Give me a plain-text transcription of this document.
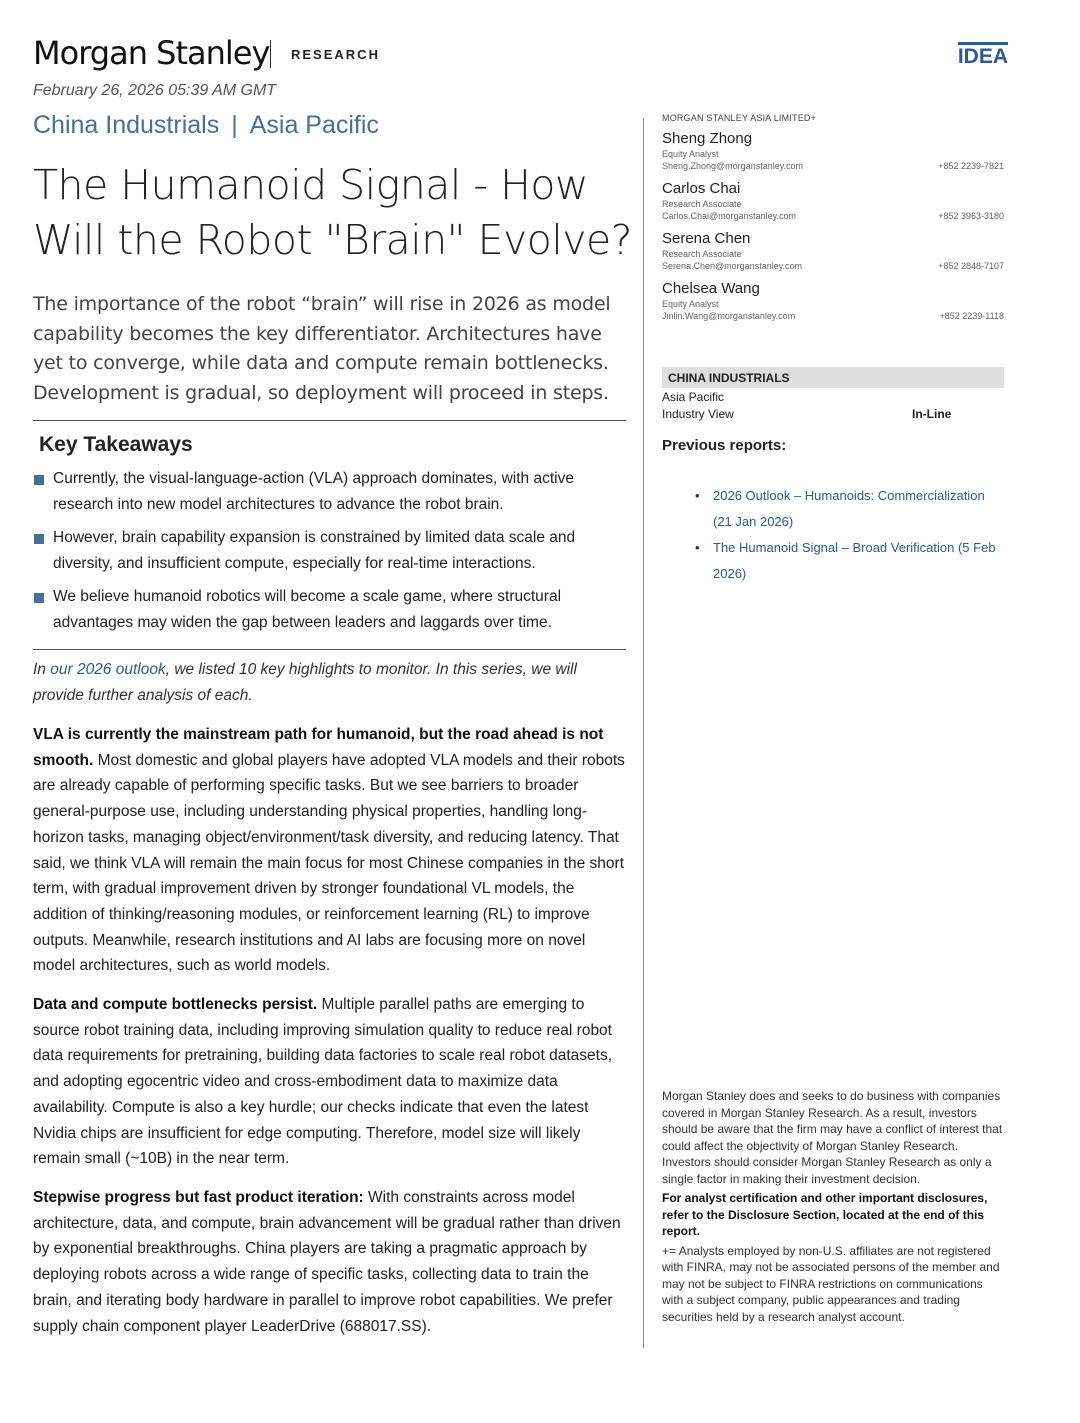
Morgan Stanley RESEARCH	IDEA
February 26, 2026 05:39 AM GMT
China Industrials | Asia Pacific
The Humanoid Signal - How Will the Robot "Brain" Evolve?

The importance of the robot “brain” will rise in 2026 as model capability becomes the key differentiator. Architectures have yet to converge, while data and compute remain bottlenecks. Development is gradual, so deployment will proceed in steps.

Key Takeaways
Currently, the visual-language-action (VLA) approach dominates, with active research into new model architectures to advance the robot brain.
However, brain capability expansion is constrained by limited data scale and diversity, and insufficient compute, especially for real-time interactions.
We believe humanoid robotics will become a scale game, where structural advantages may widen the gap between leaders and laggards over time.

In our 2026 outlook, we listed 10 key highlights to monitor. In this series, we will provide further analysis of each.

VLA is currently the mainstream path for humanoid, but the road ahead is not smooth. Most domestic and global players have adopted VLA models and their robots are already capable of performing specific tasks. But we see barriers to broader general-purpose use, including understanding physical properties, handling long-horizon tasks, managing object/environment/task diversity, and reducing latency. That said, we think VLA will remain the main focus for most Chinese companies in the short term, with gradual improvement driven by stronger foundational VL models, the addition of thinking/reasoning modules, or reinforcement learning (RL) to improve outputs. Meanwhile, research institutions and AI labs are focusing more on novel model architectures, such as world models.

Data and compute bottlenecks persist. Multiple parallel paths are emerging to source robot training data, including improving simulation quality to reduce real robot data requirements for pretraining, building data factories to scale real robot datasets, and adopting egocentric video and cross-embodiment data to maximize data availability. Compute is also a key hurdle; our checks indicate that even the latest Nvidia chips are insufficient for edge computing. Therefore, model size will likely remain small (~10B) in the near term.

Stepwise progress but fast product iteration: With constraints across model architecture, data, and compute, brain advancement will be gradual rather than driven by exponential breakthroughs. China players are taking a pragmatic approach by deploying robots across a wide range of specific tasks, collecting data to train the brain, and iterating body hardware in parallel to improve robot capabilities. We prefer supply chain component player LeaderDrive (688017.SS).

MORGAN STANLEY ASIA LIMITED+
Sheng Zhong
Equity Analyst
Sheng.Zhong@morganstanley.com	+852 2239-7821
Carlos Chai
Research Associate
Carlos.Chai@morganstanley.com	+852 3963-3180
Serena Chen
Research Associate
Serena.Chen@morganstanley.com	+852 2848-7107
Chelsea Wang
Equity Analyst
Jinlin.Wang@morganstanley.com	+852 2239-1118
CHINA INDUSTRIALS
Asia Pacific
Industry View	In-Line
Previous reports:
• 2026 Outlook – Humanoids: Commercialization (21 Jan 2026)
• The Humanoid Signal – Broad Verification (5 Feb 2026)

Morgan Stanley does and seeks to do business with companies covered in Morgan Stanley Research. As a result, investors should be aware that the firm may have a conflict of interest that could affect the objectivity of Morgan Stanley Research. Investors should consider Morgan Stanley Research as only a single factor in making their investment decision.

For analyst certification and other important disclosures, refer to the Disclosure Section, located at the end of this report.

+= Analysts employed by non-U.S. affiliates are not registered with FINRA, may not be associated persons of the member and may not be subject to FINRA restrictions on communications with a subject company, public appearances and trading securities held by a research analyst account.
